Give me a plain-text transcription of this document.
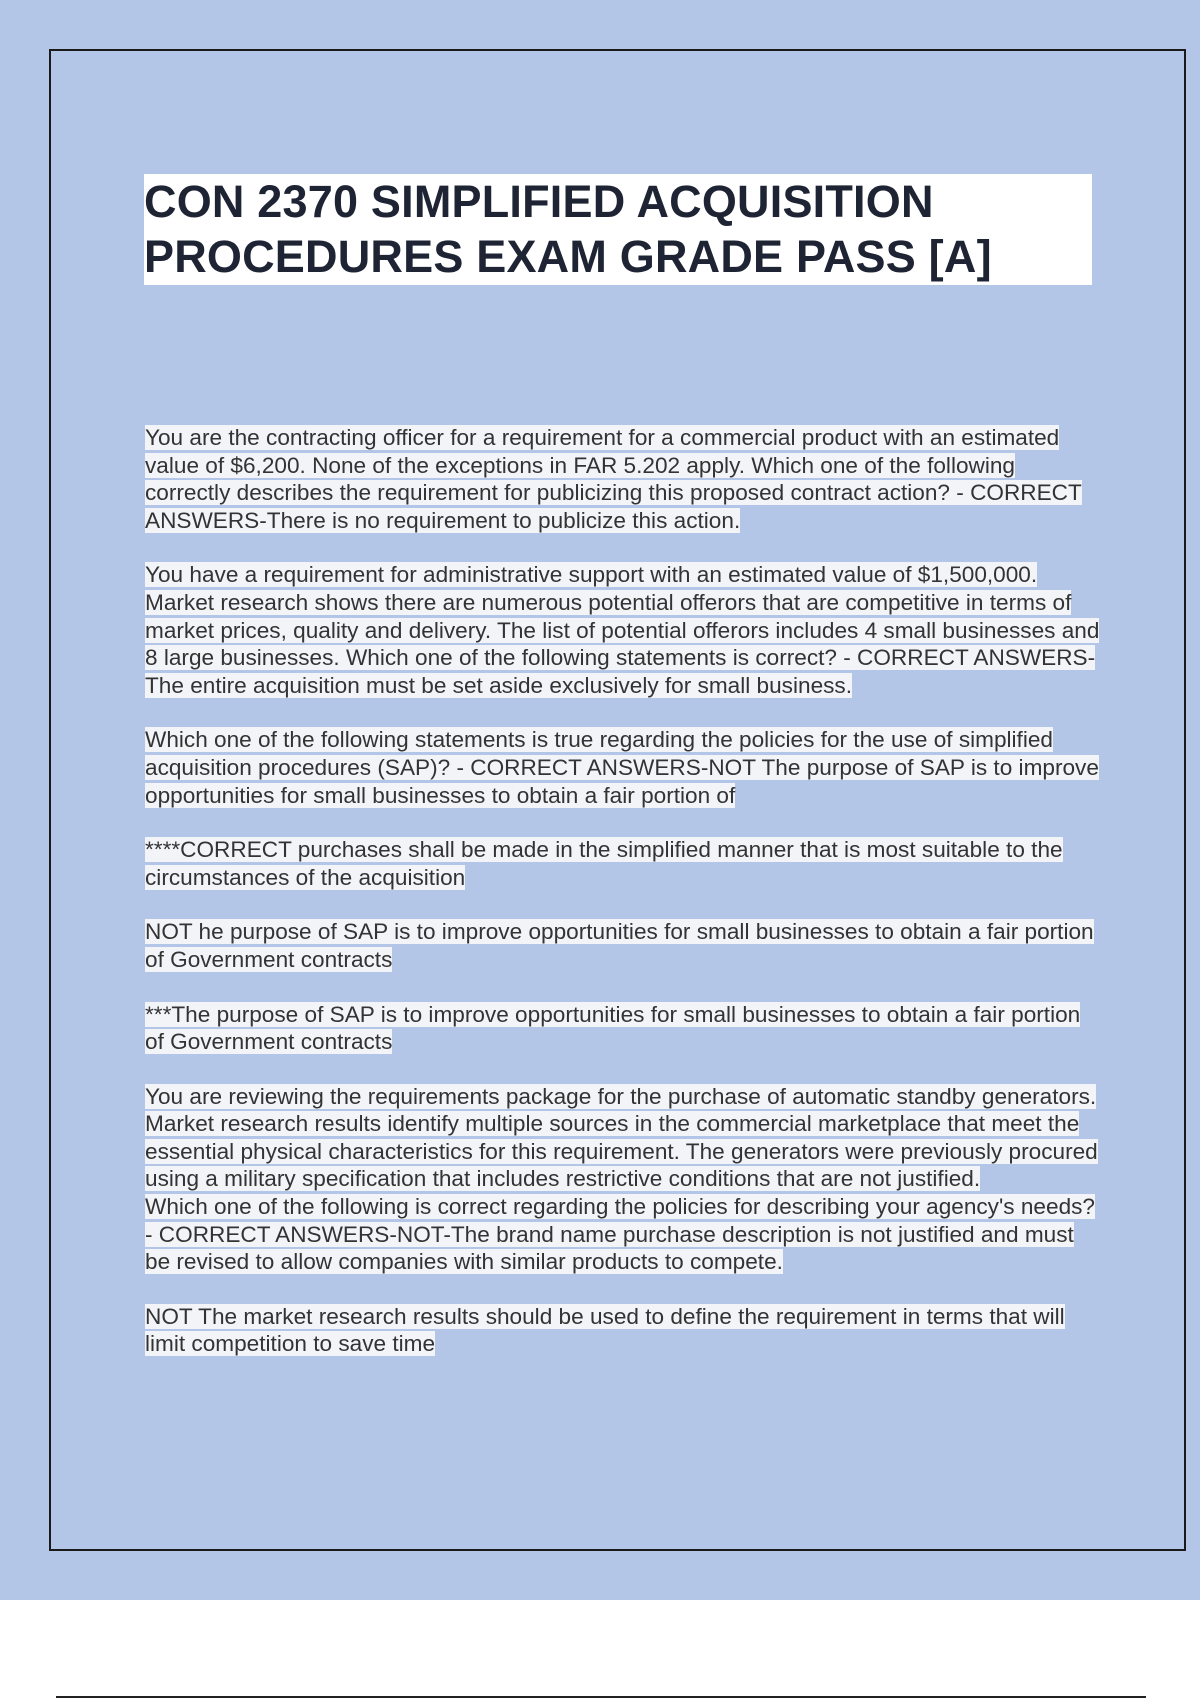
CON 2370 SIMPLIFIED ACQUISITION
PROCEDURES EXAM GRADE PASS [A]

You are the contracting officer for a requirement for a commercial product with an estimated value of $6,200. None of the exceptions in FAR 5.202 apply. Which one of the following correctly describes the requirement for publicizing this proposed contract action? - CORRECT ANSWERS-There is no requirement to publicize this action.

You have a requirement for administrative support with an estimated value of $1,500,000. Market research shows there are numerous potential offerors that are competitive in terms of market prices, quality and delivery. The list of potential offerors includes 4 small businesses and 8 large businesses. Which one of the following statements is correct? - CORRECT ANSWERS-The entire acquisition must be set aside exclusively for small business.

Which one of the following statements is true regarding the policies for the use of simplified acquisition procedures (SAP)? - CORRECT ANSWERS-NOT The purpose of SAP is to improve opportunities for small businesses to obtain a fair portion of

****CORRECT purchases shall be made in the simplified manner that is most suitable to the circumstances of the acquisition

NOT he purpose of SAP is to improve opportunities for small businesses to obtain a fair portion of Government contracts

***The purpose of SAP is to improve opportunities for small businesses to obtain a fair portion of Government contracts

You are reviewing the requirements package for the purchase of automatic standby generators. Market research results identify multiple sources in the commercial marketplace that meet the essential physical characteristics for this requirement. The generators were previously procured using a military specification that includes restrictive conditions that are not justified.

Which one of the following is correct regarding the policies for describing your agency's needs? - CORRECT ANSWERS-NOT-The brand name purchase description is not justified and must be revised to allow companies with similar products to compete.

NOT The market research results should be used to define the requirement in terms that will limit competition to save time
